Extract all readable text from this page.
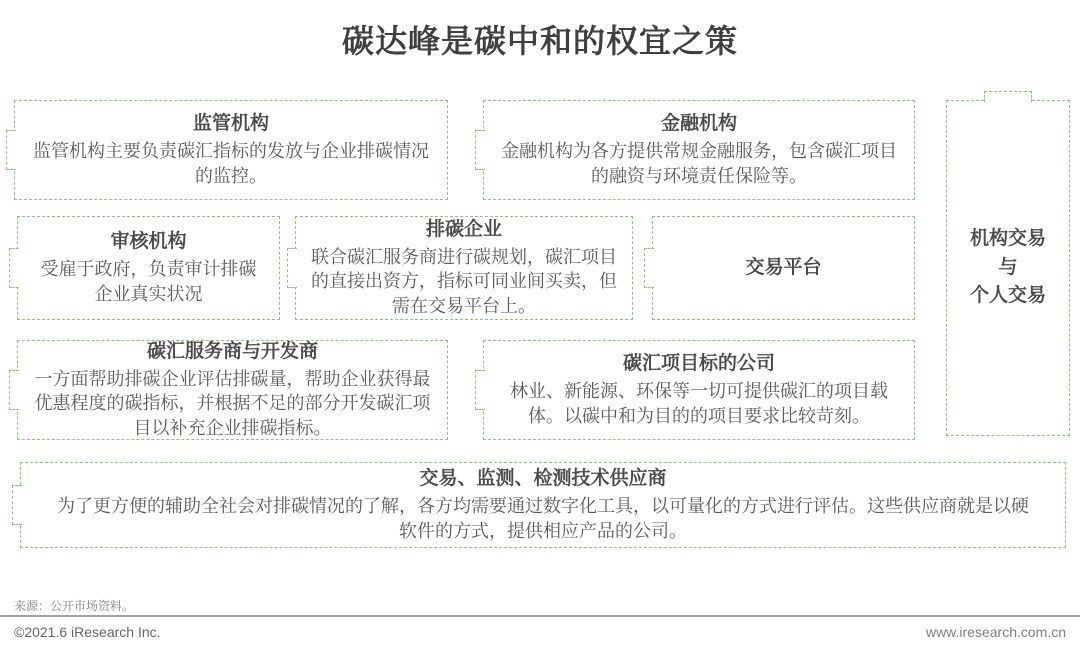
碳达峰是碳中和的权宜之策
监管机构
监管机构主要负责碳汇指标的发放与企业排碳情况的监控。
金融机构
金融机构为各方提供常规金融服务，包含碳汇项目的融资与环境责任保险等。
审核机构
受雇于政府，负责审计排碳企业真实状况
排碳企业
联合碳汇服务商进行碳规划，碳汇项目的直接出资方，指标可同业间买卖，但需在交易平台上。
交易平台
碳汇服务商与开发商
一方面帮助排碳企业评估排碳量，帮助企业获得最优惠程度的碳指标，并根据不足的部分开发碳汇项目以补充企业排碳指标。
碳汇项目标的公司
林业、新能源、环保等一切可提供碳汇的项目载体。以碳中和为目的的项目要求比较苛刻。
交易、监测、检测技术供应商
为了更方便的辅助全社会对排碳情况的了解，各方均需要通过数字化工具，以可量化的方式进行评估。这些供应商就是以硬软件的方式，提供相应产品的公司。
机构交易
与
个人交易
来源：公开市场资料。
©2021.6 iResearch Inc.	www.iresearch.com.cn
